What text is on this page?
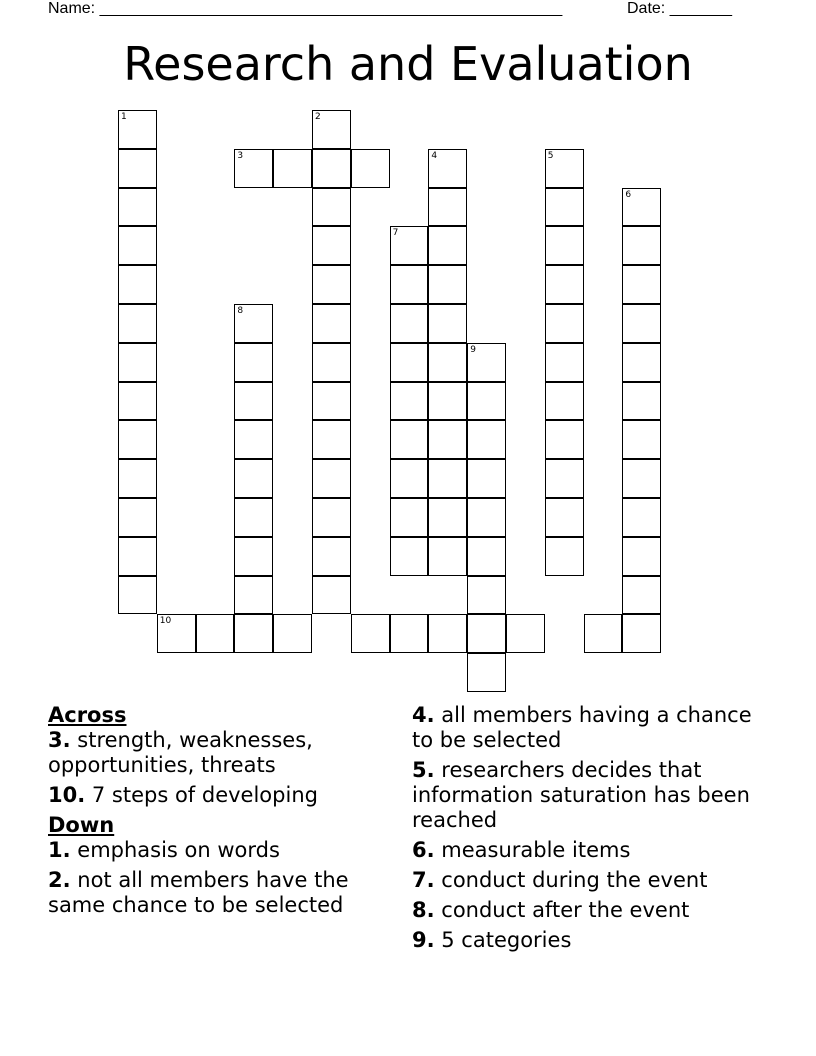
Name: ____________________________________________________	Date: _______
Research and Evaluation
1	2
3	4	5
6
7
8
9
10

Across

3. strength, weaknesses, opportunities, threats

10. 7 steps of developing

Down

1. emphasis on words

2. not all members have the same chance to be selected

4. all members having a chance to be selected

5. researchers decides that information saturation has been reached

6. measurable items

7. conduct during the event

8. conduct after the event

9. 5 categories
